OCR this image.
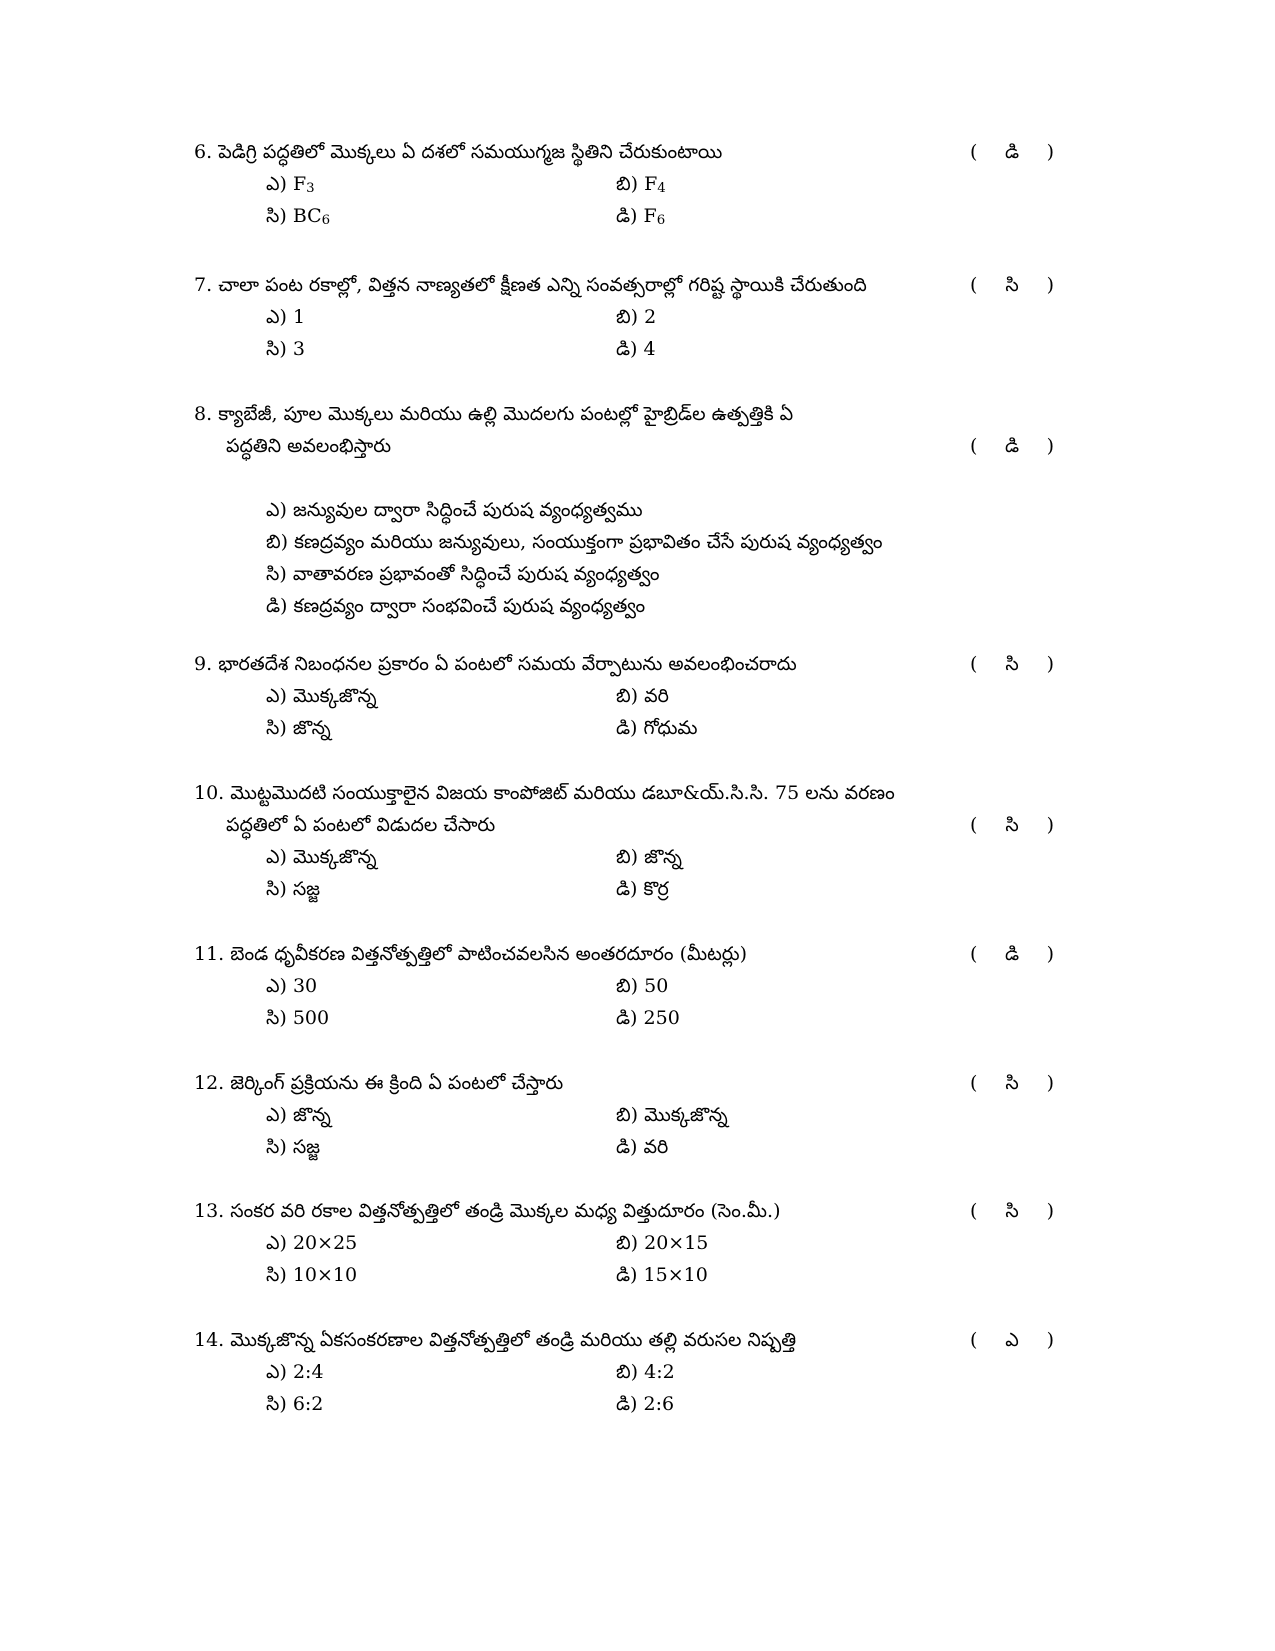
6. పెడిగ్రి పద్ధతిలో మొక్కలు ఏ దశలో సమయుగ్మజ స్థితిని చేరుకుంటాయి	(	డి	)
ఎ) $F_3$	బి) $F_4$
సి) $BC_6$	డి) $F_6$
7. చాలా పంట రకాల్లో, విత్తన నాణ్యతలో క్షీణత ఎన్ని సంవత్సరాల్లో గరిష్ట స్థాయికి చేరుతుంది	(	సి	)
ఎ) 1	బి) 2
సి) 3	డి) 4
8. క్యాబేజీ, పూల మొక్కలు మరియు ఉల్లి మొదలగు పంటల్లో హైబ్రిడ్‌ల ఉత్పత్తికి ఏ
పద్ధతిని అవలంభిస్తారు	(	డి	)
ఎ) జన్యువుల ద్వారా సిద్ధించే పురుష వ్యంధ్యత్వము
బి) కణద్రవ్యం మరియు జన్యువులు, సంయుక్తంగా ప్రభావితం చేసే పురుష వ్యంధ్యత్వం
సి) వాతావరణ ప్రభావంతో సిద్ధించే పురుష వ్యంధ్యత్వం
డి) కణద్రవ్యం ద్వారా సంభవించే పురుష వ్యంధ్యత్వం
9. భారతదేశ నిబంధనల ప్రకారం ఏ పంటలో సమయ వేర్పాటును అవలంభించరాదు	(	సి	)
ఎ) మొక్కజొన్న	బి) వరి
సి) జొన్న	డి) గోధుమ
10. మొట్టమొదటి సంయుక్తాలైన విజయ కాంపోజిట్ మరియు డబూ&య్.సి.సి. 75 లను వరణం
పద్ధతిలో ఏ పంటలో విడుదల చేసారు	(	సి	)
ఎ) మొక్కజొన్న	బి) జొన్న
సి) సజ్జ	డి) కొర్ర
11. బెండ ధృవీకరణ విత్తనోత్పత్తిలో పాటించవలసిన అంతరదూరం (మీటర్లు)	(	డి	)
ఎ) 30	బి) 50
సి) 500	డి) 250
12. జెర్కింగ్ ప్రక్రియను ఈ క్రింది ఏ పంటలో చేస్తారు	(	సి	)
ఎ) జొన్న	బి) మొక్కజొన్న
సి) సజ్జ	డి) వరి
13. సంకర వరి రకాల విత్తనోత్పత్తిలో తండ్రి మొక్కల మధ్య విత్తుదూరం (సెం.మీ.)	(	సి	)
ఎ) 20×25	బి) 20×15
సి) 10×10	డి) 15×10
14. మొక్కజొన్న ఏకసంకరణాల విత్తనోత్పత్తిలో తండ్రి మరియు తల్లి వరుసల నిష్పత్తి	(	ఎ	)
ఎ) 2:4	బి) 4:2
సి) 6:2	డి) 2:6
